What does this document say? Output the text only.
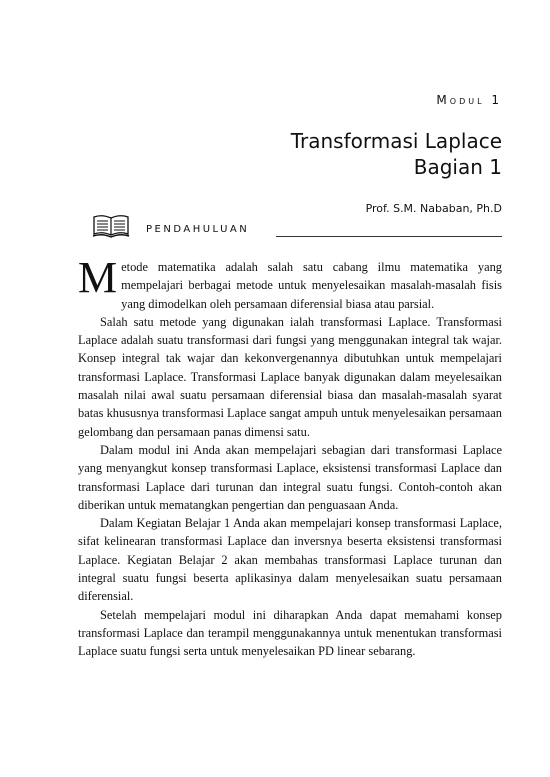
Modul 1
Transformasi Laplace
Bagian 1
Prof. S.M. Nababan, Ph.D
PENDAHULUAN

Metode matematika adalah salah satu cabang ilmu matematika yang mempelajari berbagai metode untuk menyelesaikan masalah-masalah fisis yang dimodelkan oleh persamaan diferensial biasa atau parsial.

Salah satu metode yang digunakan ialah transformasi Laplace. Transformasi Laplace adalah suatu transformasi dari fungsi yang menggunakan integral tak wajar. Konsep integral tak wajar dan kekonvergenannya dibutuhkan untuk mempelajari transformasi Laplace. Transformasi Laplace banyak digunakan dalam meyelesaikan masalah nilai awal suatu persamaan diferensial biasa dan masalah-masalah syarat batas khususnya transformasi Laplace sangat ampuh untuk menyelesaikan persamaan gelombang dan persamaan panas dimensi satu.

Dalam modul ini Anda akan mempelajari sebagian dari transformasi Laplace yang menyangkut konsep transformasi Laplace, eksistensi transformasi Laplace dan transformasi Laplace dari turunan dan integral suatu fungsi. Contoh-contoh akan diberikan untuk mematangkan pengertian dan penguasaan Anda.

Dalam Kegiatan Belajar 1 Anda akan mempelajari konsep transformasi Laplace, sifat kelinearan transformasi Laplace dan inversnya beserta eksistensi transformasi Laplace. Kegiatan Belajar 2 akan membahas transformasi Laplace turunan dan integral suatu fungsi beserta aplikasinya dalam menyelesaikan suatu persamaan diferensial.

Setelah mempelajari modul ini diharapkan Anda dapat memahami konsep transformasi Laplace dan terampil menggunakannya untuk menentukan transformasi Laplace suatu fungsi serta untuk menyelesaikan PD linear sebarang.
